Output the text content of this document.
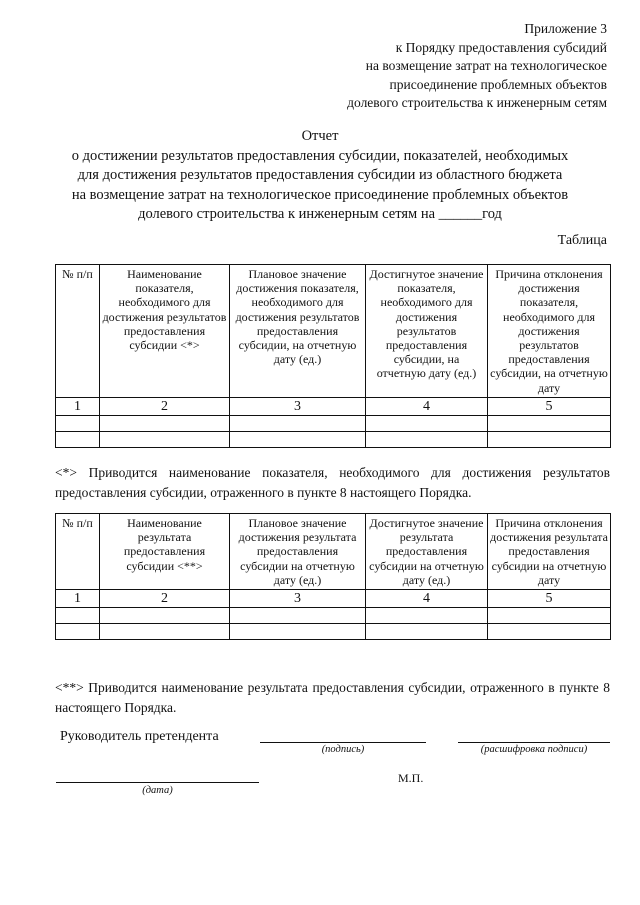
Приложение 3
к Порядку предоставления субсидий
на возмещение затрат на технологическое
присоединение проблемных объектов
долевого строительства к инженерным сетям
Отчет
о достижении результатов предоставления субсидии, показателей, необходимых
для достижения результатов предоставления субсидии из областного бюджета
на возмещение затрат на технологическое присоединение проблемных объектов
долевого строительства к инженерным сетям на ______год
Таблица
№ п/п	Наименование показателя, необходимого для достижения результатов предоставления субсидии <*>	Плановое значение достижения показателя, необходимого для достижения результатов предоставления субсидии, на отчетную дату (ед.)	Достигнутое значение показателя, необходимого для достижения результатов предоставления субсидии, на отчетную дату (ед.)	Причина отклонения достижения показателя, необходимого для достижения результатов предоставления субсидии, на отчетную дату
1	2	3	4	5

<*> Приводится наименование показателя, необходимого для достижения результатов предоставления субсидии, отраженного в пункте 8 настоящего Порядка.
№ п/п	Наименование результата предоставления субсидии <**>	Плановое значение достижения результата предоставления субсидии на отчетную дату (ед.)	Достигнутое значение результата предоставления субсидии на отчетную дату (ед.)	Причина отклонения достижения результата предоставления субсидии на отчетную дату
1	2	3	4	5

<**> Приводится наименование результата предоставления субсидии, отраженного в пункте 8 настоящего Порядка.
Руководитель претендента
(подпись)	(расшифровка подписи)
М.П.
(дата)
